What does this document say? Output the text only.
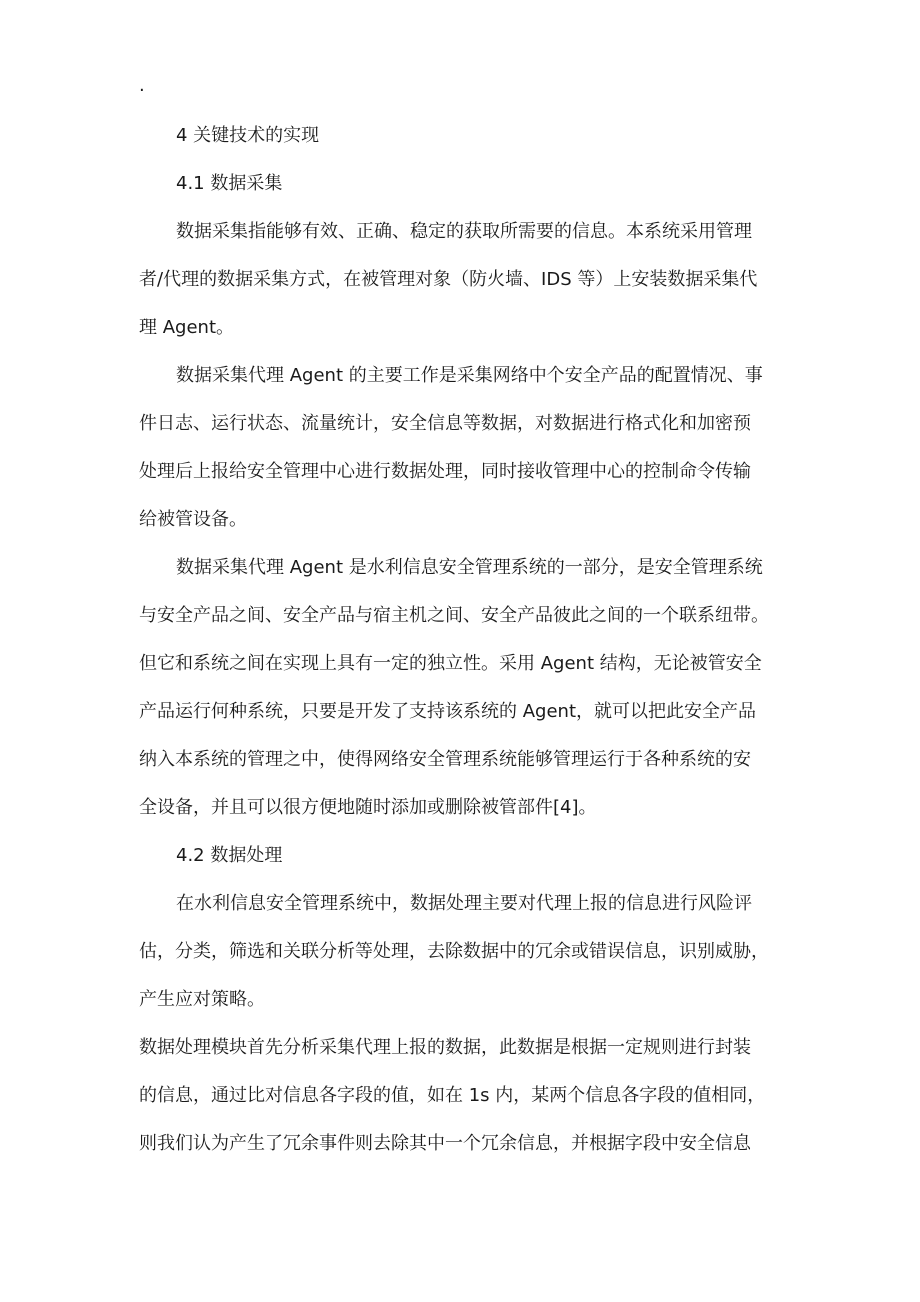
.
4 关键技术的实现
4.1 数据采集

数据采集指能够有效、正确、稳定的获取所需要的信息。本系统采用管理
者/代理的数据采集方式，在被管理对象（防火墙、IDS 等）上安装数据采集代
理 Agent。

数据采集代理 Agent 的主要工作是采集网络中个安全产品的配置情况、事
件日志、运行状态、流量统计，安全信息等数据，对数据进行格式化和加密预
处理后上报给安全管理中心进行数据处理，同时接收管理中心的控制命令传输
给被管设备。

数据采集代理 Agent 是水利信息安全管理系统的一部分，是安全管理系统
与安全产品之间、安全产品与宿主机之间、安全产品彼此之间的一个联系纽带。
但它和系统之间在实现上具有一定的独立性。采用 Agent 结构，无论被管安全
产品运行何种系统，只要是开发了支持该系统的 Agent，就可以把此安全产品
纳入本系统的管理之中，使得网络安全管理系统能够管理运行于各种系统的安
全设备，并且可以很方便地随时添加或删除被管部件[4]。

4.2 数据处理

在水利信息安全管理系统中，数据处理主要对代理上报的信息进行风险评
估，分类，筛选和关联分析等处理，去除数据中的冗余或错误信息，识别威胁，
产生应对策略。

数据处理模块首先分析采集代理上报的数据，此数据是根据一定规则进行封装
的信息，通过比对信息各字段的值，如在 1s 内，某两个信息各字段的值相同，
则我们认为产生了冗余事件则去除其中一个冗余信息，并根据字段中安全信息
